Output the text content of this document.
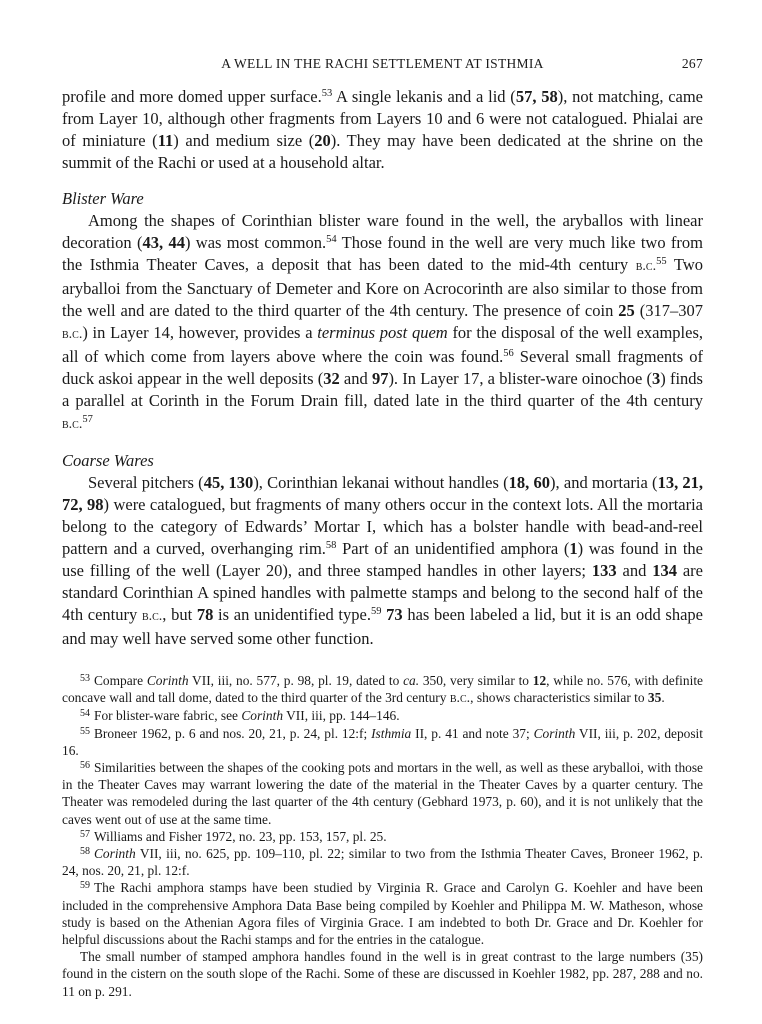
A WELL IN THE RACHI SETTLEMENT AT ISTHMIA	267

profile and more domed upper surface.$^{53}$ A single lekanis and a lid (57, 58), not matching, came from Layer 10, although other fragments from Layers 10 and 6 were not catalogued. Phialai are of miniature (11) and medium size (20). They may have been dedicated at the shrine on the summit of the Rachi or used at a household altar.

Blister Ware

Among the shapes of Corinthian blister ware found in the well, the aryballos with linear decoration (43, 44) was most common.$^{54}$ Those found in the well are very much like two from the Isthmia Theater Caves, a deposit that has been dated to the mid-4th century b.c.$^{55}$ Two aryballoi from the Sanctuary of Demeter and Kore on Acrocorinth are also similar to those from the well and are dated to the third quarter of the 4th century. The presence of coin 25 (317–307 b.c.) in Layer 14, however, provides a terminus post quem for the disposal of the well examples, all of which come from layers above where the coin was found.$^{56}$ Several small fragments of duck askoi appear in the well deposits (32 and 97). In Layer 17, a blister-ware oinochoe (3) finds a parallel at Corinth in the Forum Drain fill, dated late in the third quarter of the 4th century b.c.$^{57}$

Coarse Wares

Several pitchers (45, 130), Corinthian lekanai without handles (18, 60), and mortaria (13, 21, 72, 98) were catalogued, but fragments of many others occur in the context lots. All the mortaria belong to the category of Edwards’ Mortar I, which has a bolster handle with bead-and-reel pattern and a curved, overhanging rim.$^{58}$ Part of an unidentified amphora (1) was found in the use filling of the well (Layer 20), and three stamped handles in other layers; 133 and 134 are standard Corinthian A spined handles with palmette stamps and belong to the second half of the 4th century b.c., but 78 is an unidentified type.$^{59}$ 73 has been labeled a lid, but it is an odd shape and may well have served some other function.

$^{53}$ Compare Corinth VII, iii, no. 577, p. 98, pl. 19, dated to ca. 350, very similar to 12, while no. 576, with definite concave wall and tall dome, dated to the third quarter of the 3rd century b.c., shows characteristics similar to 35.

$^{54}$ For blister-ware fabric, see Corinth VII, iii, pp. 144–146.

$^{55}$ Broneer 1962, p. 6 and nos. 20, 21, p. 24, pl. 12:f; Isthmia II, p. 41 and note 37; Corinth VII, iii, p. 202, deposit 16.

$^{56}$ Similarities between the shapes of the cooking pots and mortars in the well, as well as these aryballoi, with those in the Theater Caves may warrant lowering the date of the material in the Theater Caves by a quarter century. The Theater was remodeled during the last quarter of the 4th century (Gebhard 1973, p. 60), and it is not unlikely that the caves went out of use at the same time.

$^{57}$ Williams and Fisher 1972, no. 23, pp. 153, 157, pl. 25.

$^{58}$ Corinth VII, iii, no. 625, pp. 109–110, pl. 22; similar to two from the Isthmia Theater Caves, Broneer 1962, p. 24, nos. 20, 21, pl. 12:f.

$^{59}$ The Rachi amphora stamps have been studied by Virginia R. Grace and Carolyn G. Koehler and have been included in the comprehensive Amphora Data Base being compiled by Koehler and Philippa M. W. Matheson, whose study is based on the Athenian Agora files of Virginia Grace. I am indebted to both Dr. Grace and Dr. Koehler for helpful discussions about the Rachi stamps and for the entries in the catalogue.

The small number of stamped amphora handles found in the well is in great contrast to the large numbers (35) found in the cistern on the south slope of the Rachi. Some of these are discussed in Koehler 1982, pp. 287, 288 and no. 11 on p. 291.
